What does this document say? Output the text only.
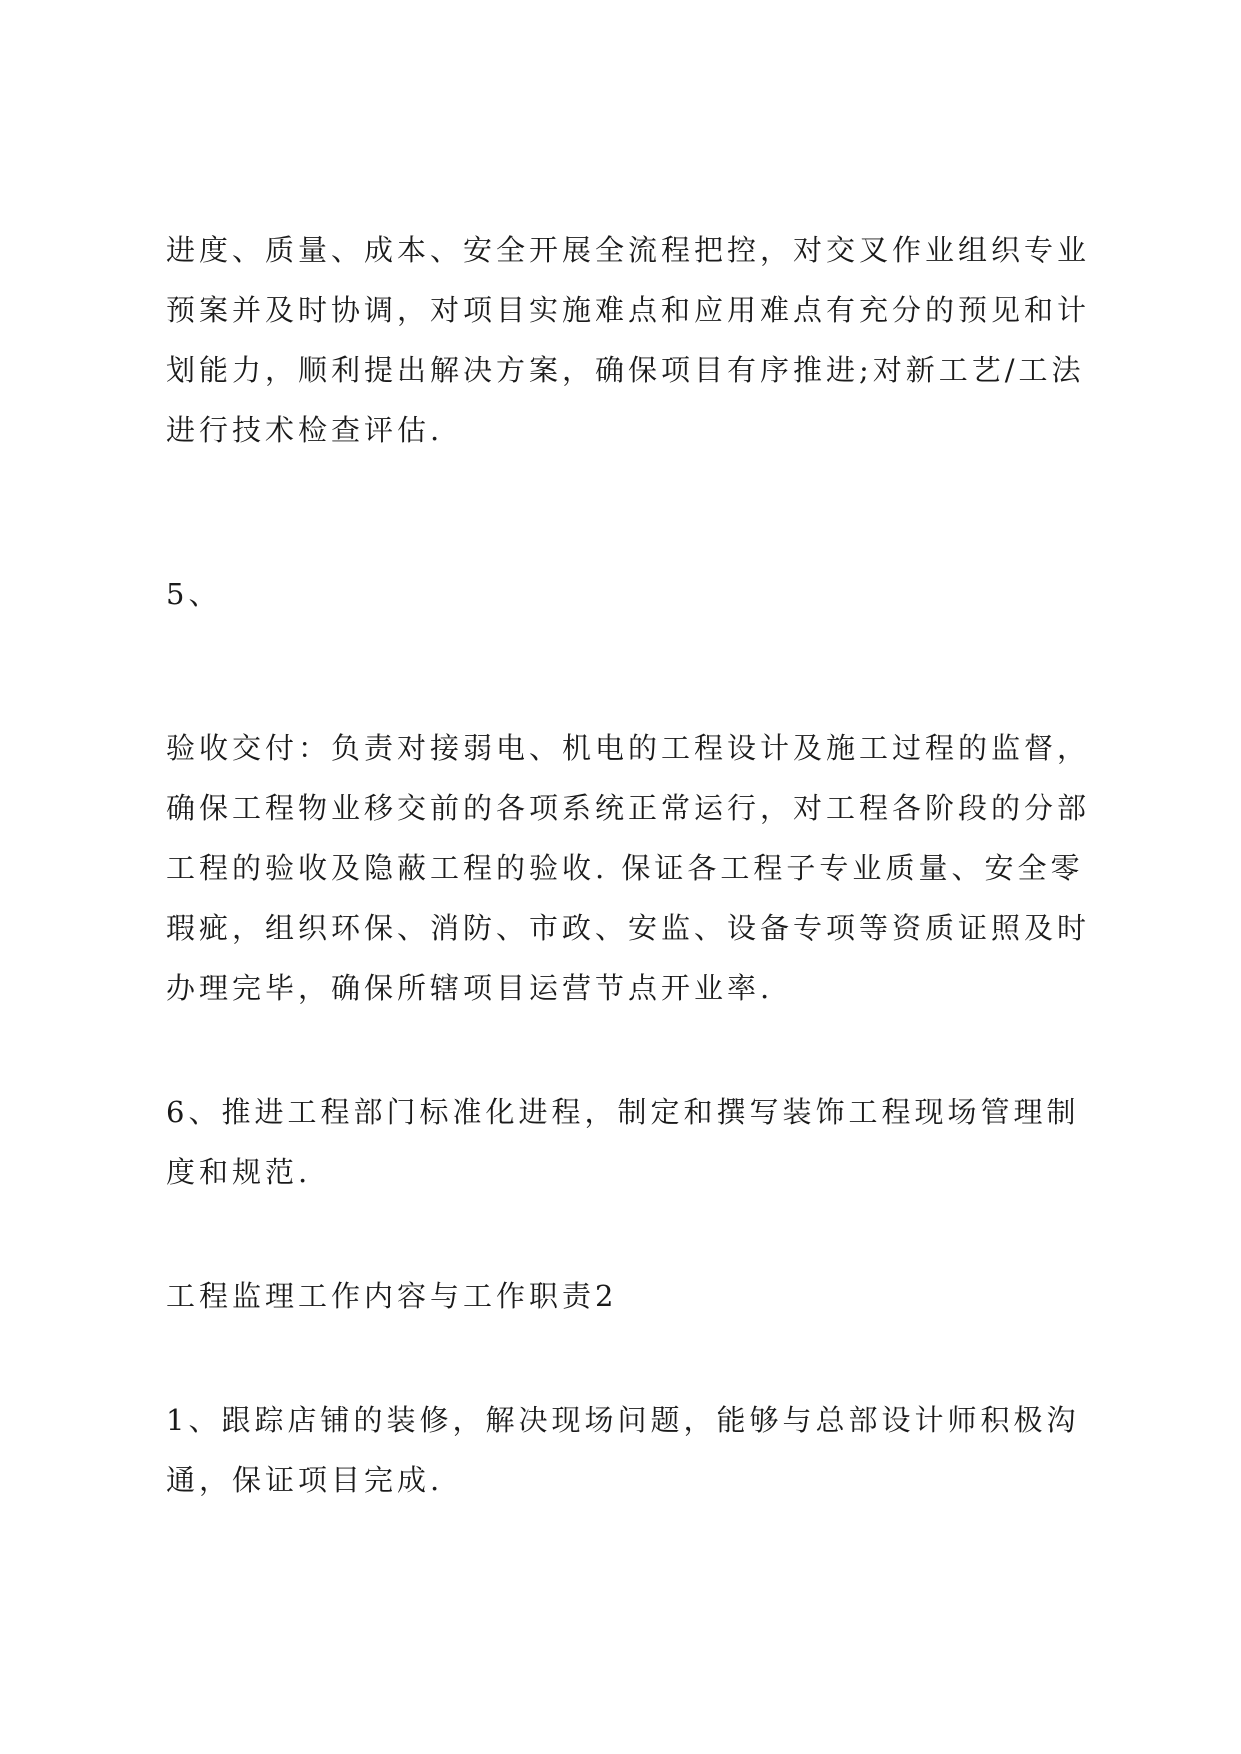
进度、质量、成本、安全开展全流程把控，对交叉作业组织专业
预案并及时协调，对项目实施难点和应用难点有充分的预见和计
划能力，顺利提出解决方案，确保项目有序推进;对新工艺/工法
进行技术检查评估.

5、

验收交付：负责对接弱电、机电的工程设计及施工过程的监督，
确保工程物业移交前的各项系统正常运行，对工程各阶段的分部
工程的验收及隐蔽工程的验收. 保证各工程子专业质量、安全零
瑕疵，组织环保、消防、市政、安监、设备专项等资质证照及时
办理完毕，确保所辖项目运营节点开业率.

6、推进工程部门标准化进程，制定和撰写装饰工程现场管理制
度和规范.

工程监理工作内容与工作职责2

1、跟踪店铺的装修，解决现场问题，能够与总部设计师积极沟
通，保证项目完成.
